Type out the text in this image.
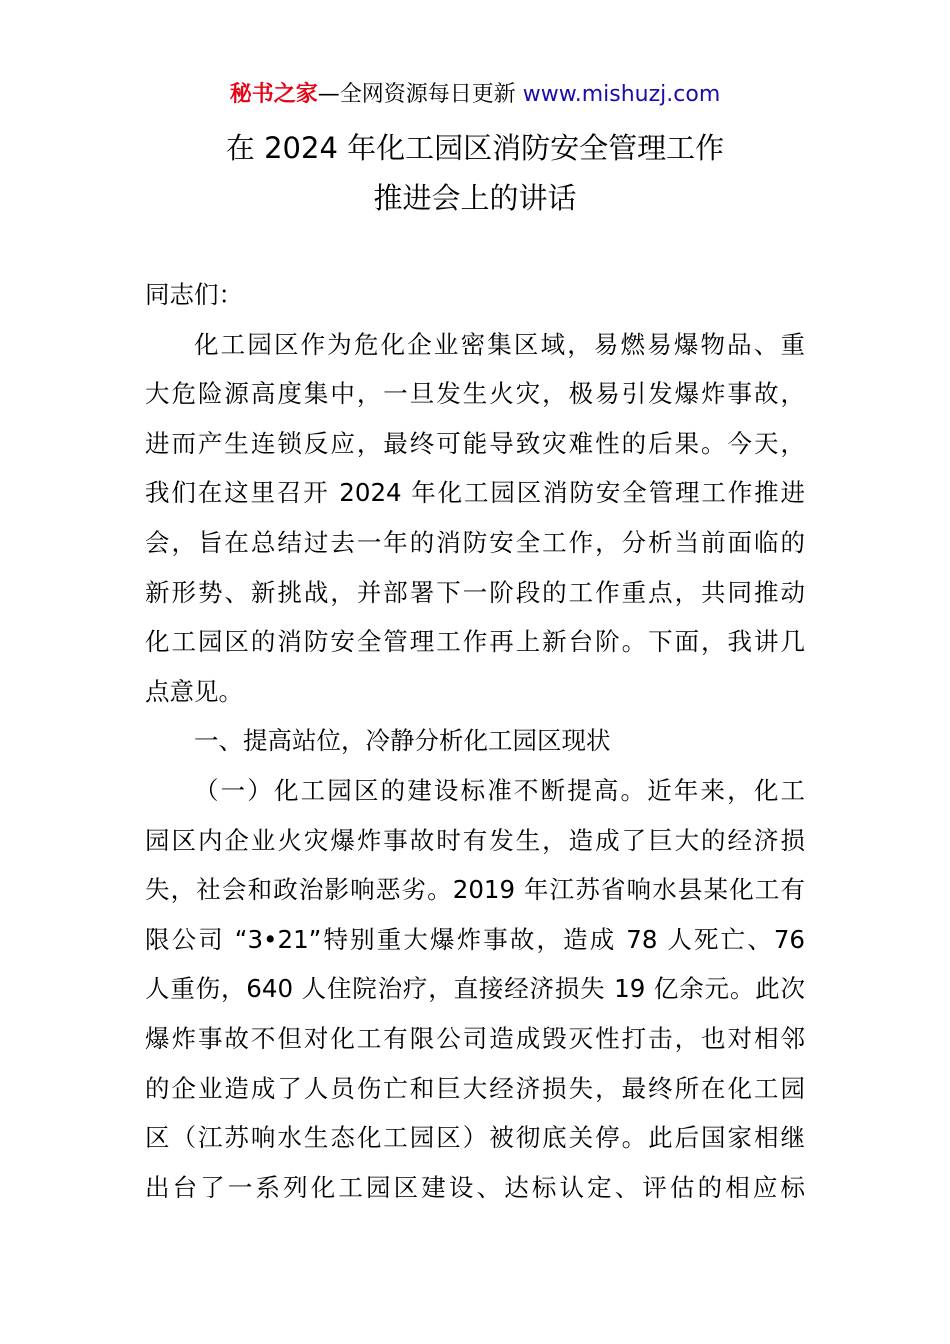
秘书之家—全网资源每日更新 www.mishuzj.com
在 2024 年化工园区消防安全管理工作
推进会上的讲话
同志们：
化工园区作为危化企业密集区域，易燃易爆物品、重
大危险源高度集中，一旦发生火灾，极易引发爆炸事故，
进而产生连锁反应，最终可能导致灾难性的后果。今天，
我们在这里召开 2024 年化工园区消防安全管理工作推进
会，旨在总结过去一年的消防安全工作，分析当前面临的
新形势、新挑战，并部署下一阶段的工作重点，共同推动
化工园区的消防安全管理工作再上新台阶。下面，我讲几
点意见。
一、提高站位，冷静分析化工园区现状
（一）化工园区的建设标准不断提高。近年来，化工
园区内企业火灾爆炸事故时有发生，造成了巨大的经济损
失，社会和政治影响恶劣。2019 年江苏省响水县某化工有
限公司 “3•21”特别重大爆炸事故，造成 78 人死亡、76
人重伤，640 人住院治疗，直接经济损失 19 亿余元。此次
爆炸事故不但对化工有限公司造成毁灭性打击，也对相邻
的企业造成了人员伤亡和巨大经济损失，最终所在化工园
区（江苏响水生态化工园区）被彻底关停。此后国家相继
出台了一系列化工园区建设、达标认定、评估的相应标
